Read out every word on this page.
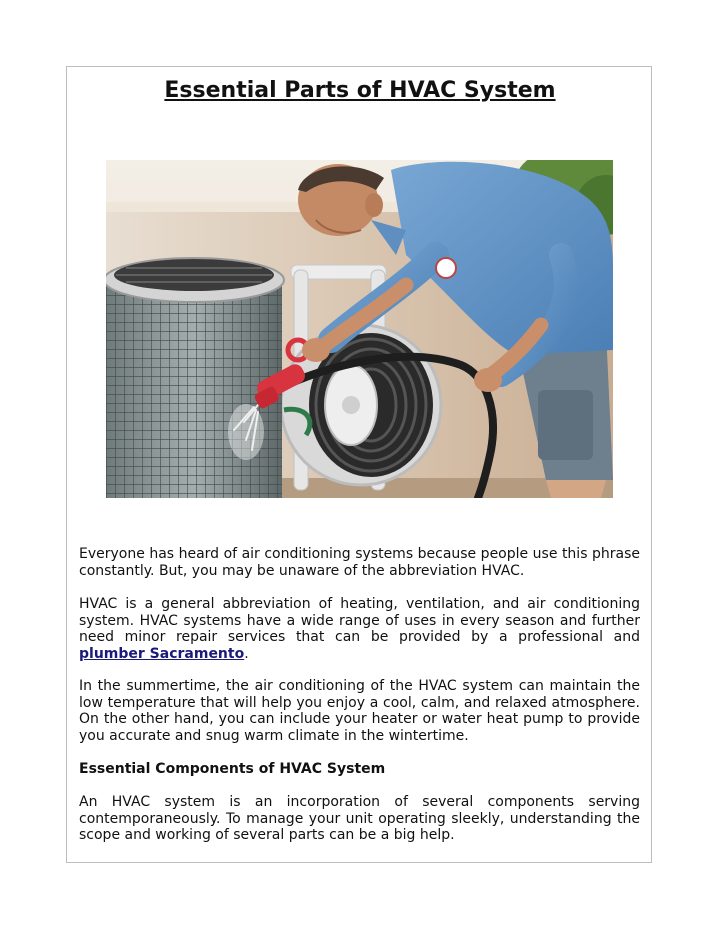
Essential Parts of HVAC System

Everyone has heard of air conditioning systems because people use this phrase constantly. But, you may be unaware of the abbreviation HVAC.

HVAC is a general abbreviation of heating, ventilation, and air conditioning system. HVAC systems have a wide range of uses in every season and further need minor repair services that can be provided by a professional and plumber Sacramento.

In the summertime, the air conditioning of the HVAC system can maintain the low temperature that will help you enjoy a cool, calm, and relaxed atmosphere. On the other hand, you can include your heater or water heat pump to provide you accurate and snug warm climate in the wintertime.

Essential Components of HVAC System

An HVAC system is an incorporation of several components serving contemporaneously. To manage your unit operating sleekly, understanding the scope and working of several parts can be a big help.
